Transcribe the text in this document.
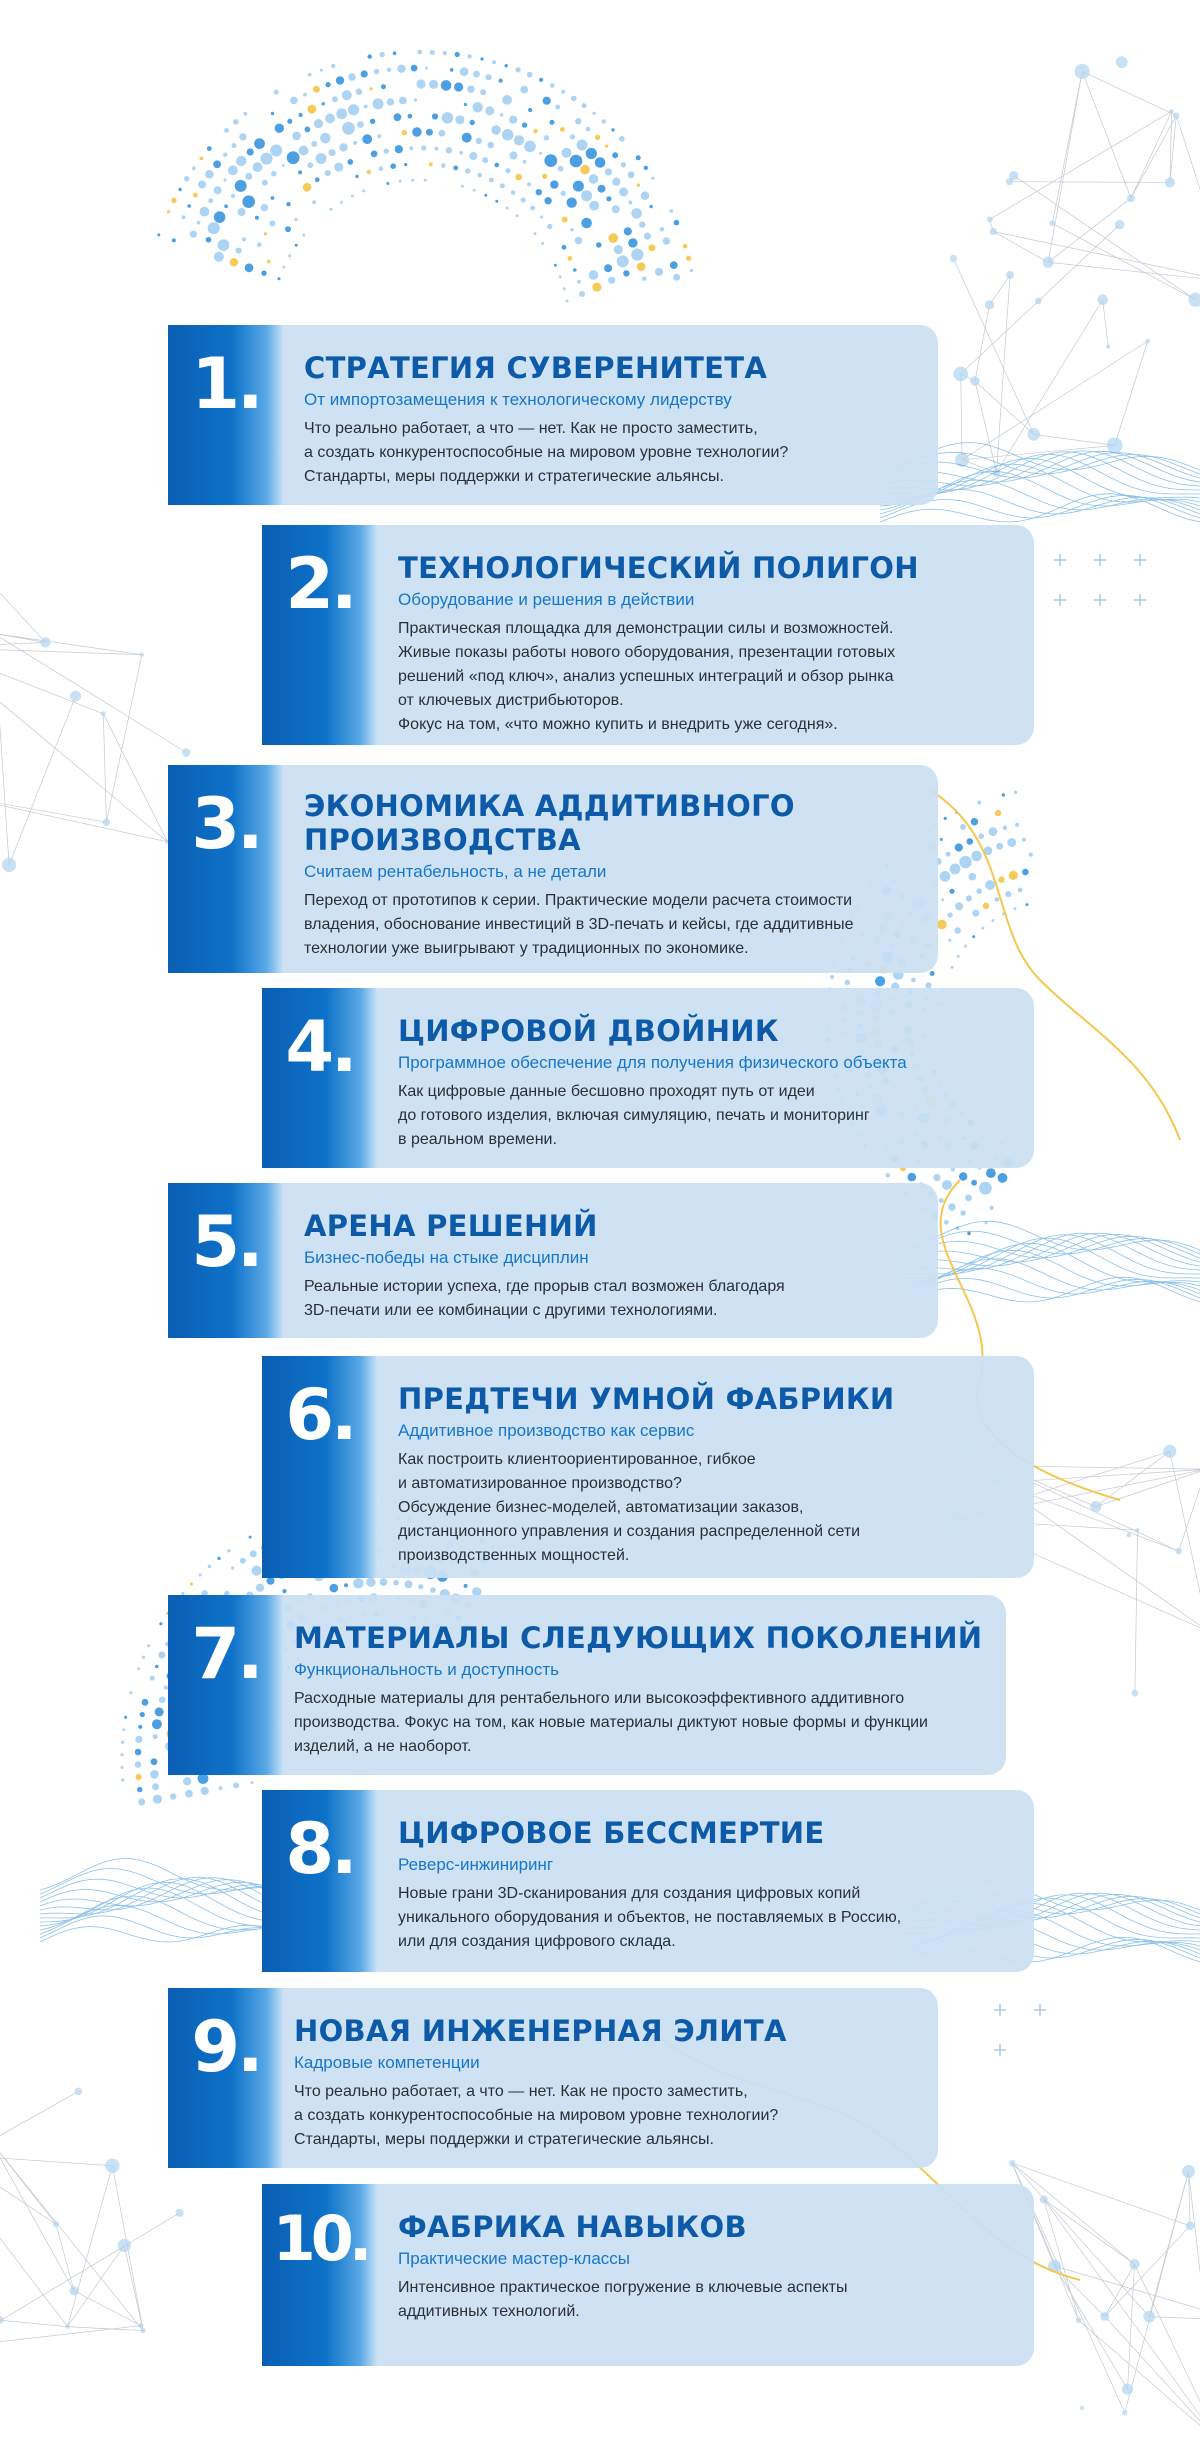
1.	СТРАТЕГИЯ СУВЕРЕНИТЕТА
От импортозамещения к технологическому лидерству
Что реально работает, а что — нет. Как не просто заместить,
а создать конкурентоспособные на мировом уровне технологии?
Стандарты, меры поддержки и стратегические альянсы.
2.	ТЕХНОЛОГИЧЕСКИЙ ПОЛИГОН
Оборудование и решения в действии
Практическая площадка для демонстрации силы и возможностей.
Живые показы работы нового оборудования, презентации готовых
решений «под ключ», анализ успешных интеграций и обзор рынка
от ключевых дистрибьюторов.
Фокус на том, «что можно купить и внедрить уже сегодня».
3.	ЭКОНОМИКА АДДИТИВНОГО
ПРОИЗВОДСТВА
Считаем рентабельность, а не детали
Переход от прототипов к серии. Практические модели расчета стоимости
владения, обоснование инвестиций в 3D-печать и кейсы, где аддитивные
технологии уже выигрывают у традиционных по экономике.
4.	ЦИФРОВОЙ ДВОЙНИК
Программное обеспечение для получения физического объекта
Как цифровые данные бесшовно проходят путь от идеи
до готового изделия, включая симуляцию, печать и мониторинг
в реальном времени.
5.	АРЕНА РЕШЕНИЙ
Бизнес-победы на стыке дисциплин
Реальные истории успеха, где прорыв стал возможен благодаря
3D-печати или ее комбинации с другими технологиями.
6.	ПРЕДТЕЧИ УМНОЙ ФАБРИКИ
Аддитивное производство как сервис
Как построить клиентоориентированное, гибкое
и автоматизированное производство?
Обсуждение бизнес-моделей, автоматизации заказов,
дистанционного управления и создания распределенной сети
производственных мощностей.
7.	МАТЕРИАЛЫ СЛЕДУЮЩИХ ПОКОЛЕНИЙ
Функциональность и доступность
Расходные материалы для рентабельного или высокоэффективного аддитивного
производства. Фокус на том, как новые материалы диктуют новые формы и функции
изделий, а не наоборот.
8.	ЦИФРОВОЕ БЕССМЕРТИЕ
Реверс-инжиниринг
Новые грани 3D-сканирования для создания цифровых копий
уникального оборудования и объектов, не поставляемых в Россию,
или для создания цифрового склада.
9.	НОВАЯ ИНЖЕНЕРНАЯ ЭЛИТА
Кадровые компетенции
Что реально работает, а что — нет. Как не просто заместить,
а создать конкурентоспособные на мировом уровне технологии?
Стандарты, меры поддержки и стратегические альянсы.
10.	ФАБРИКА НАВЫКОВ
Практические мастер-классы
Интенсивное практическое погружение в ключевые аспекты
аддитивных технологий.
